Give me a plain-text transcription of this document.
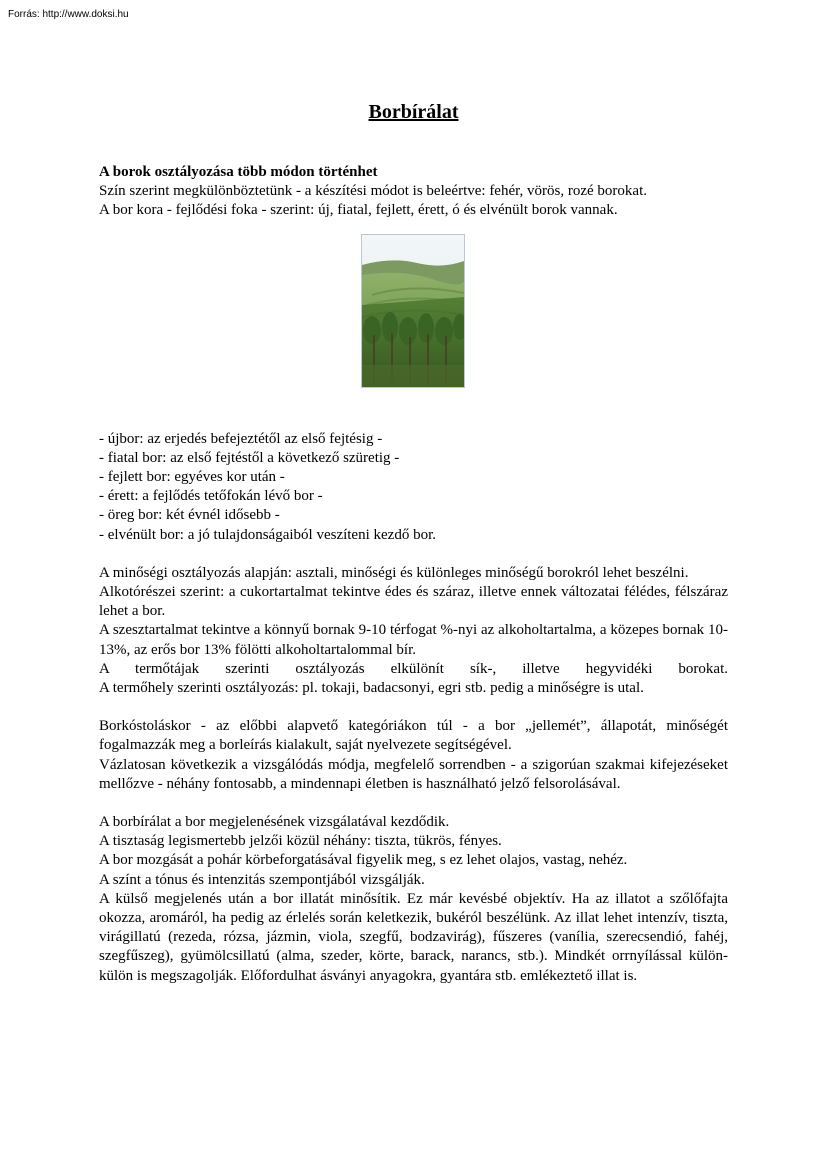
Forrás: http://www.doksi.hu
Borbírálat

A borok osztályozása több módon történhet

Szín szerint megkülönböztetünk - a készítési módot is beleértve: fehér, vörös, rozé borokat.

A bor kora - fejlődési foka - szerint: új, fiatal, fejlett, érett, ó és elvénült borok vannak.

- újbor: az erjedés befejeztétől az első fejtésig -
- fiatal bor: az első fejtéstől a következő szüretig -
- fejlett bor: egyéves kor után -
- érett: a fejlődés tetőfokán lévő bor -
- öreg bor: két évnél idősebb -
- elvénült bor: a jó tulajdonságaiból veszíteni kezdő bor.

A minőségi osztályozás alapján: asztali, minőségi és különleges minőségű borokról lehet beszélni.

Alkotórészei szerint: a cukortartalmat tekintve édes és száraz, illetve ennek változatai félédes, félszáraz lehet a bor.

A szesztartalmat tekintve a könnyű bornak 9-10 térfogat %-nyi az alkoholtartalma, a közepes bornak 10-13%, az erős bor 13% fölötti alkoholtartalommal bír.

A termőtájak szerinti osztályozás elkülönít sík-, illetve hegyvidéki borokat.

A termőhely szerinti osztályozás: pl. tokaji, badacsonyi, egri stb. pedig a minőségre is utal.

Borkóstoláskor - az előbbi alapvető kategóriákon túl - a bor „jellemét”, állapotát, minőségét fogalmazzák meg a borleírás kialakult, saját nyelvezete segítségével.

Vázlatosan következik a vizsgálódás módja, megfelelő sorrendben - a szigorúan szakmai kifejezéseket mellőzve - néhány fontosabb, a mindennapi életben is használható jelző felsorolásával.

A borbírálat a bor megjelenésének vizsgálatával kezdődik.

A tisztaság legismertebb jelzői közül néhány: tiszta, tükrös, fényes.

A bor mozgását a pohár körbeforgatásával figyelik meg, s ez lehet olajos, vastag, nehéz.

A színt a tónus és intenzitás szempontjából vizsgálják.

A külső megjelenés után a bor illatát minősítik. Ez már kevésbé objektív. Ha az illatot a szőlőfajta okozza, aromáról, ha pedig az érlelés során keletkezik, bukéról beszélünk. Az illat lehet intenzív, tiszta, virágillatú (rezeda, rózsa, jázmin, viola, szegfű, bodzavirág), fűszeres (vanília, szerecsendió, fahéj, szegfűszeg), gyümölcsillatú (alma, szeder, körte, barack, narancs, stb.). Mindkét orrnyílással külön-külön is megszagolják. Előfordulhat ásványi anyagokra, gyantára stb. emlékeztető illat is.
